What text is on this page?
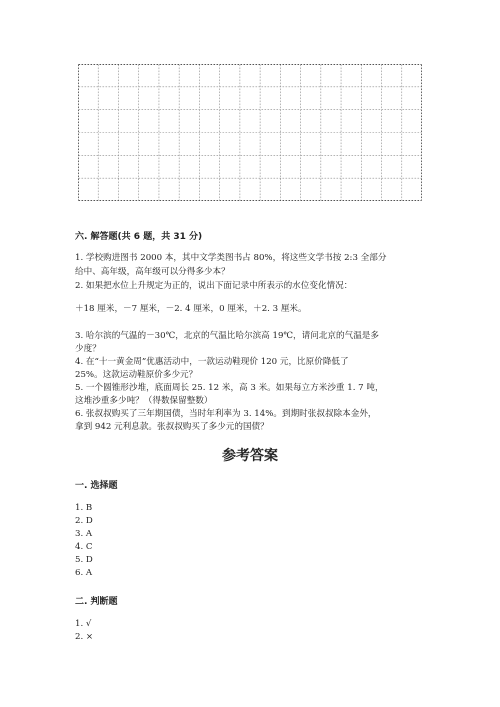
六. 解答题(共 6 题，共 31 分)
1. 学校购进图书 2000 本，其中文学类图书占 80%，将这些文学书按 2:3 全部分
给中、高年级，高年级可以分得多少本？
2. 如果把水位上升规定为正的，说出下面记录中所表示的水位变化情况：
＋18 厘米，－7 厘米，－2. 4 厘米，0 厘米，＋2. 3 厘米。
3. 哈尔滨的气温的－30℃，北京的气温比哈尔滨高 19℃，请问北京的气温是多
少度？
4. 在“十一黄金周”优惠活动中，一款运动鞋现价 120 元，比原价降低了
25%。这款运动鞋原价多少元？
5. 一个圆锥形沙堆，底面周长 25. 12 米，高 3 米。如果每立方米沙重 1. 7 吨，
这堆沙重多少吨？（得数保留整数）
6. 张叔叔购买了三年期国债，当时年利率为 3. 14%。到期时张叔叔除本金外，
拿到 942 元利息款。张叔叔购买了多少元的国债？
参考答案
一. 选择题
1. B
2. D
3. A
4. C
5. D
6. A
二. 判断题
1. √
2. ×
